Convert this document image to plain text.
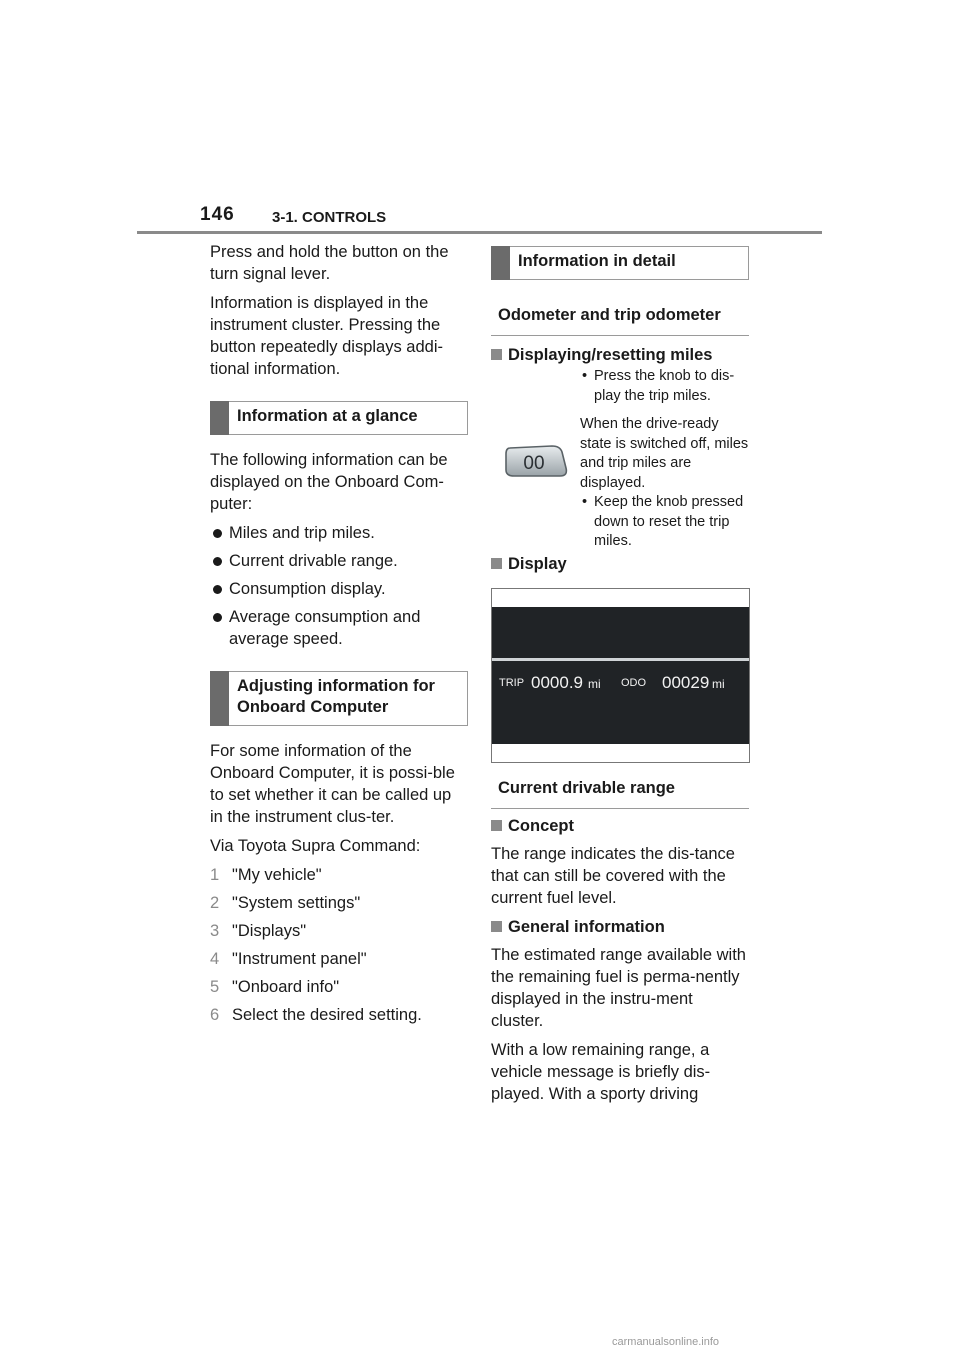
146 3-1. CONTROLS

Press and hold the button on the turn signal lever.

Information is displayed in the instrument cluster. Pressing the button repeatedly displays addi-tional information.

Information at a glance

The following information can be displayed on the Onboard Com-puter:

Miles and trip miles.
Current drivable range.
Consumption display.
Average consumption and average speed.
Adjusting information for Onboard Computer

For some information of the Onboard Computer, it is possi-ble to set whether it can be called up in the instrument clus-ter.

Via Toyota Supra Command:

1 "My vehicle"
2 "System settings"
3 "Displays"
4 "Instrument panel"
5 "Onboard info"
6 Select the desired setting.
Information in detail
Odometer and trip odometer
Displaying/resetting miles
00
• Press the knob to dis-play the trip miles.
When the drive-ready state is switched off, miles and trip miles are displayed.
• Keep the knob pressed down to reset the trip miles.
Display
TRIP 0000.9 mi ODO 00029 mi
Current drivable range
Concept

The range indicates the dis-tance that can still be covered with the current fuel level.

General information

The estimated range available with the remaining fuel is perma-nently displayed in the instru-ment cluster.

With a low remaining range, a vehicle message is briefly dis-played. With a sporty driving

carmanualsonline.info
